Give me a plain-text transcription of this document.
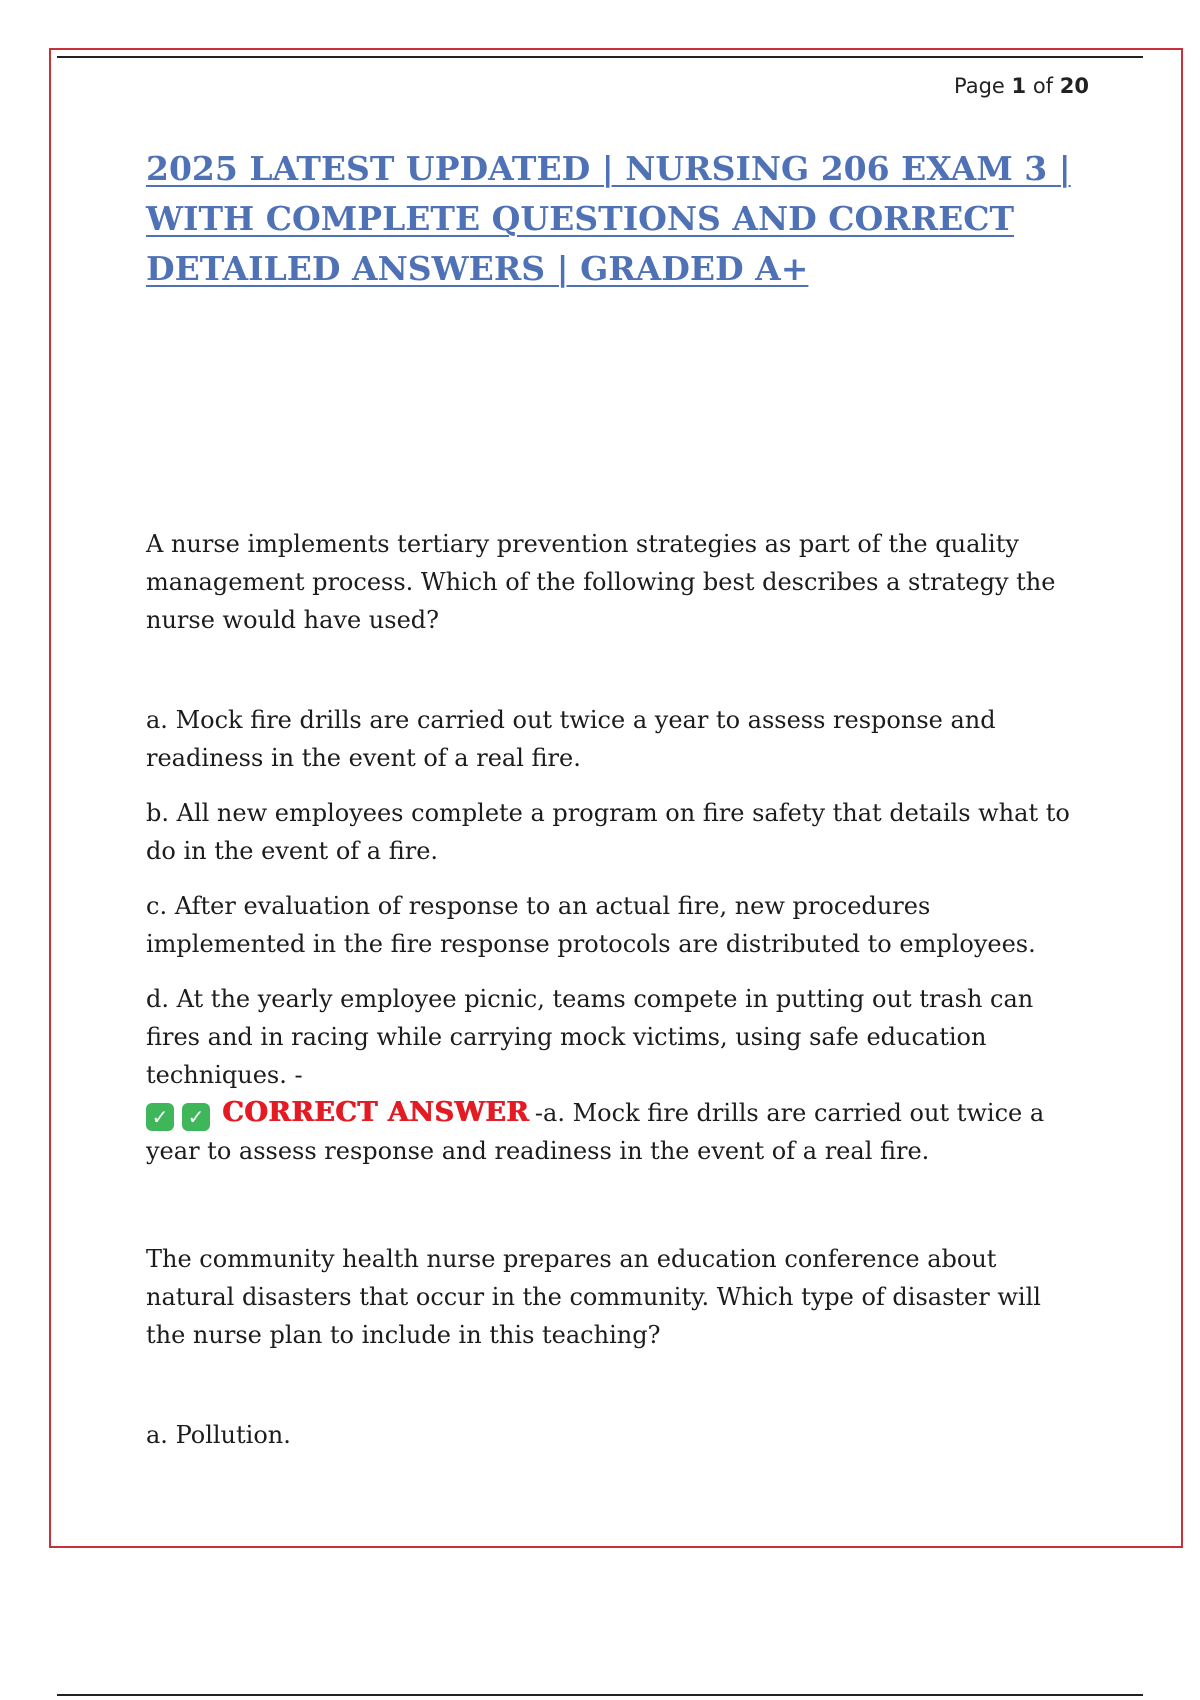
Page 1 of 20
2025 LATEST UPDATED | NURSING 206 EXAM 3 | WITH COMPLETE QUESTIONS AND CORRECT DETAILED ANSWERS | GRADED A+

A nurse implements tertiary prevention strategies as part of the quality management process. Which of the following best describes a strategy the nurse would have used?

a. Mock fire drills are carried out twice a year to assess response and readiness in the event of a real fire.

b. All new employees complete a program on fire safety that details what to do in the event of a fire.

c. After evaluation of response to an actual fire, new procedures implemented in the fire response protocols are distributed to employees.

d. At the yearly employee picnic, teams compete in putting out trash can fires and in racing while carrying mock victims, using safe education techniques. -
✓ ✓ CORRECT ANSWER -a. Mock fire drills are carried out twice a year to assess response and readiness in the event of a real fire.

The community health nurse prepares an education conference about natural disasters that occur in the community. Which type of disaster will the nurse plan to include in this teaching?

a. Pollution.
